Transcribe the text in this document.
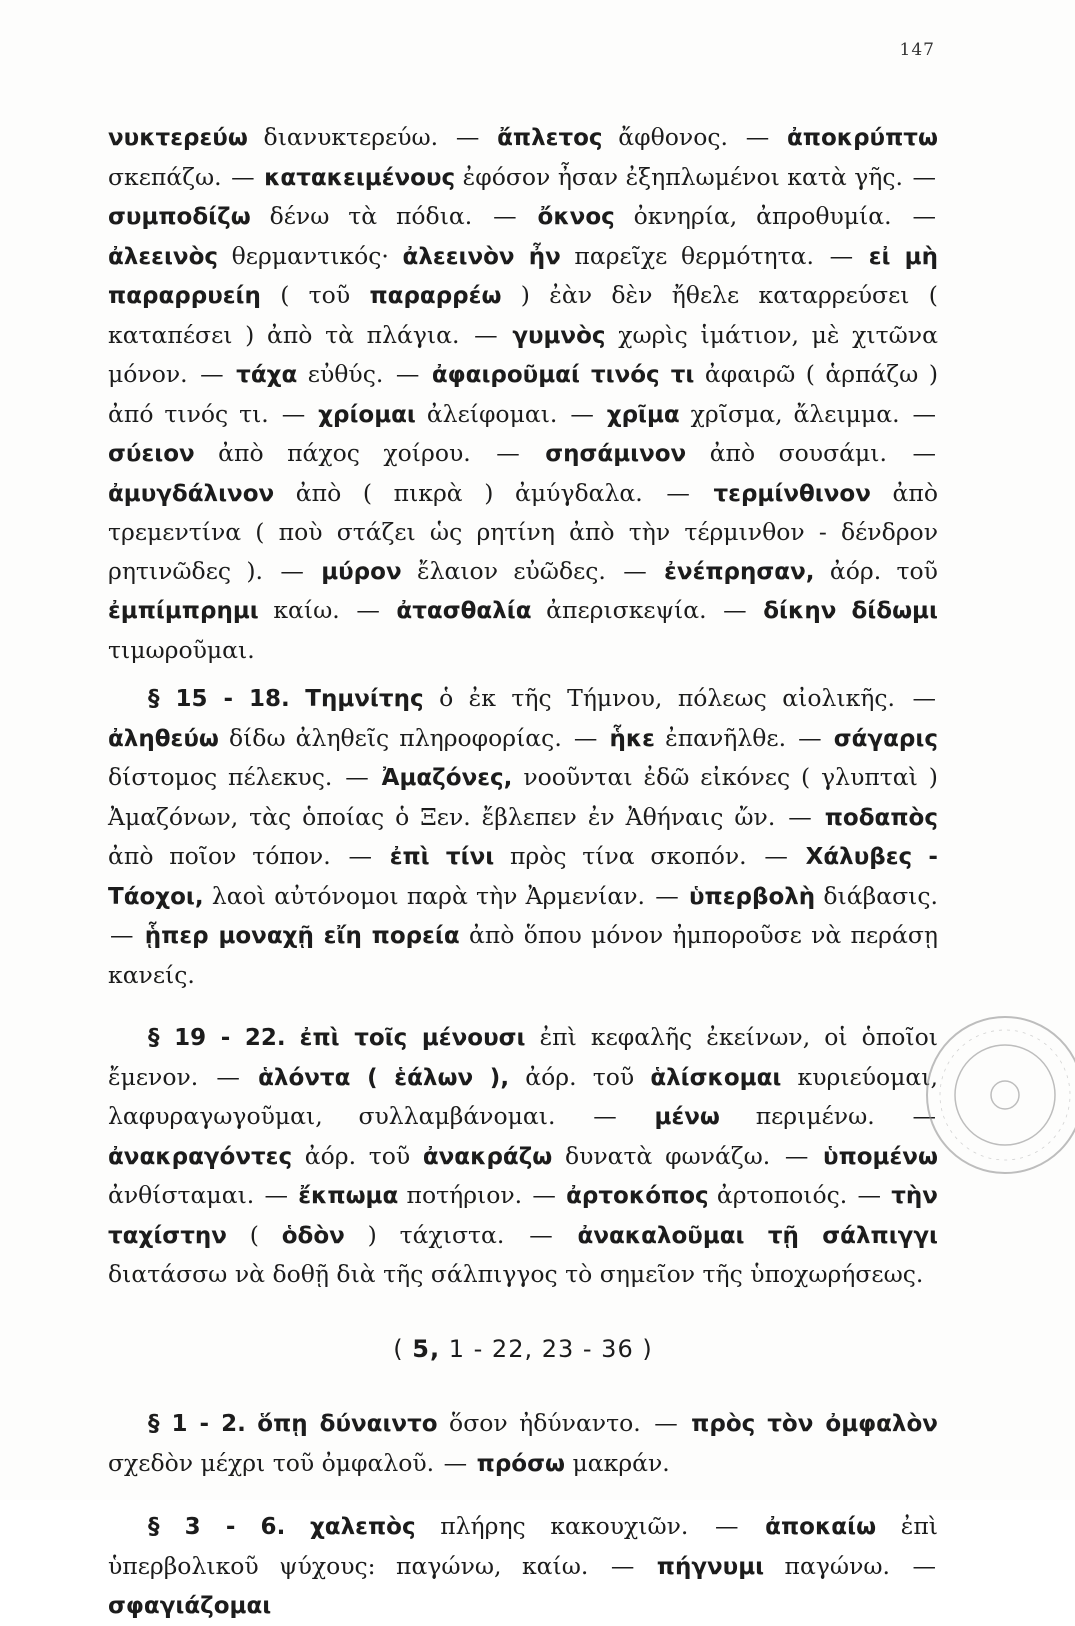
147

νυκτερεύω διανυκτερεύω. — ἄπλετος ἄφθονος. — ἀποκρύπτω σκεπάζω. — κατακειμένους ἐφόσον ἦσαν ἐξηπλωμένοι κατὰ γῆς. — συμποδίζω δένω τὰ πόδια. — ὄκνος ὀκνηρία, ἀπροθυμία. — ἀλεεινὸς θερμαντικός· ἀλεεινὸν ἦν παρεῖχε θερμότητα. — εἰ μὴ παραρρυείη ( τοῦ παραρρέω ) ἐὰν δὲν ἤθελε καταρρεύσει ( καταπέσει ) ἀπὸ τὰ πλάγια. — γυμνὸς χωρὶς ἱμάτιον, μὲ χιτῶνα μόνον. — τάχα εὐθύς. — ἀφαιροῦμαί τινός τι ἀφαιρῶ ( ἁρπάζω ) ἀπό τινός τι. — χρίομαι ἀλείφομαι. — χρῖμα χρῖσμα, ἄλειμμα. — σύειον ἀπὸ πάχος χοίρου. — σησάμινον ἀπὸ σουσάμι. — ἀμυγδάλινον ἀπὸ ( πικρὰ ) ἀμύγδαλα. — τερμίνθινον ἀπὸ τρεμεντίνα ( ποὺ στάζει ὡς ρητίνη ἀπὸ τὴν τέρμινθον - δένδρον ρητινῶδες ). — μύρον ἔλαιον εὐῶδες. — ἐνέπρησαν, ἀόρ. τοῦ ἐμπίμπρημι καίω. — ἀτασθαλία ἀπερισκεψία. — δίκην δίδωμι τιμωροῦμαι.

§ 15 - 18. Τημνίτης ὁ ἐκ τῆς Τήμνου, πόλεως αἰολικῆς. — ἀληθεύω δίδω ἀληθεῖς πληροφορίας. — ἧκε ἐπανῆλθε. — σάγαρις δίστομος πέλεκυς. — Ἀμαζόνες, νοοῦνται ἐδῶ εἰκόνες ( γλυπταὶ ) Ἀμαζόνων, τὰς ὁποίας ὁ Ξεν. ἔβλεπεν ἐν Ἀθήναις ὤν. — ποδαπὸς ἀπὸ ποῖον τόπον. — ἐπὶ τίνι πρὸς τίνα σκοπόν. — Χάλυβες - Τάοχοι, λαοὶ αὐτόνομοι παρὰ τὴν Ἀρμενίαν. — ὑπερβολὴ διάβασις. — ᾗπερ μοναχῇ εἴη πορεία ἀπὸ ὅπου μόνον ἠμποροῦσε νὰ περάσῃ κανείς.

§ 19 - 22. ἐπὶ τοῖς μένουσι ἐπὶ κεφαλῆς ἐκείνων, οἱ ὁποῖοι ἔμενον. — ἁλόντα ( ἑάλων ), ἀόρ. τοῦ ἁλίσκομαι κυριεύομαι, λαφυραγωγοῦμαι, συλλαμβάνομαι. — μένω περιμένω. — ἀνακραγόντες ἀόρ. τοῦ ἀνακράζω δυνατὰ φωνάζω. — ὑπομένω ἀνθίσταμαι. — ἔκπωμα ποτήριον. — ἀρτοκόπος ἀρτοποιός. — τὴν ταχίστην ( ὁδὸν ) τάχιστα. — ἀνακαλοῦμαι τῇ σάλπιγγι διατάσσω νὰ δοθῇ διὰ τῆς σάλπιγγος τὸ σημεῖον τῆς ὑποχωρήσεως.

( 5, 1 - 22, 23 - 36 )

§ 1 - 2. ὅπῃ δύναιντο ὅσον ἠδύναντο. — πρὸς τὸν ὀμφαλὸν σχεδὸν μέχρι τοῦ ὀμφαλοῦ. — πρόσω μακράν.

§ 3 - 6. χαλεπὸς πλήρης κακουχιῶν. — ἀποκαίω ἐπὶ ὑπερβολικοῦ ψύχους: παγώνω, καίω. — πήγνυμι παγώνω. — σφαγιάζομαι
